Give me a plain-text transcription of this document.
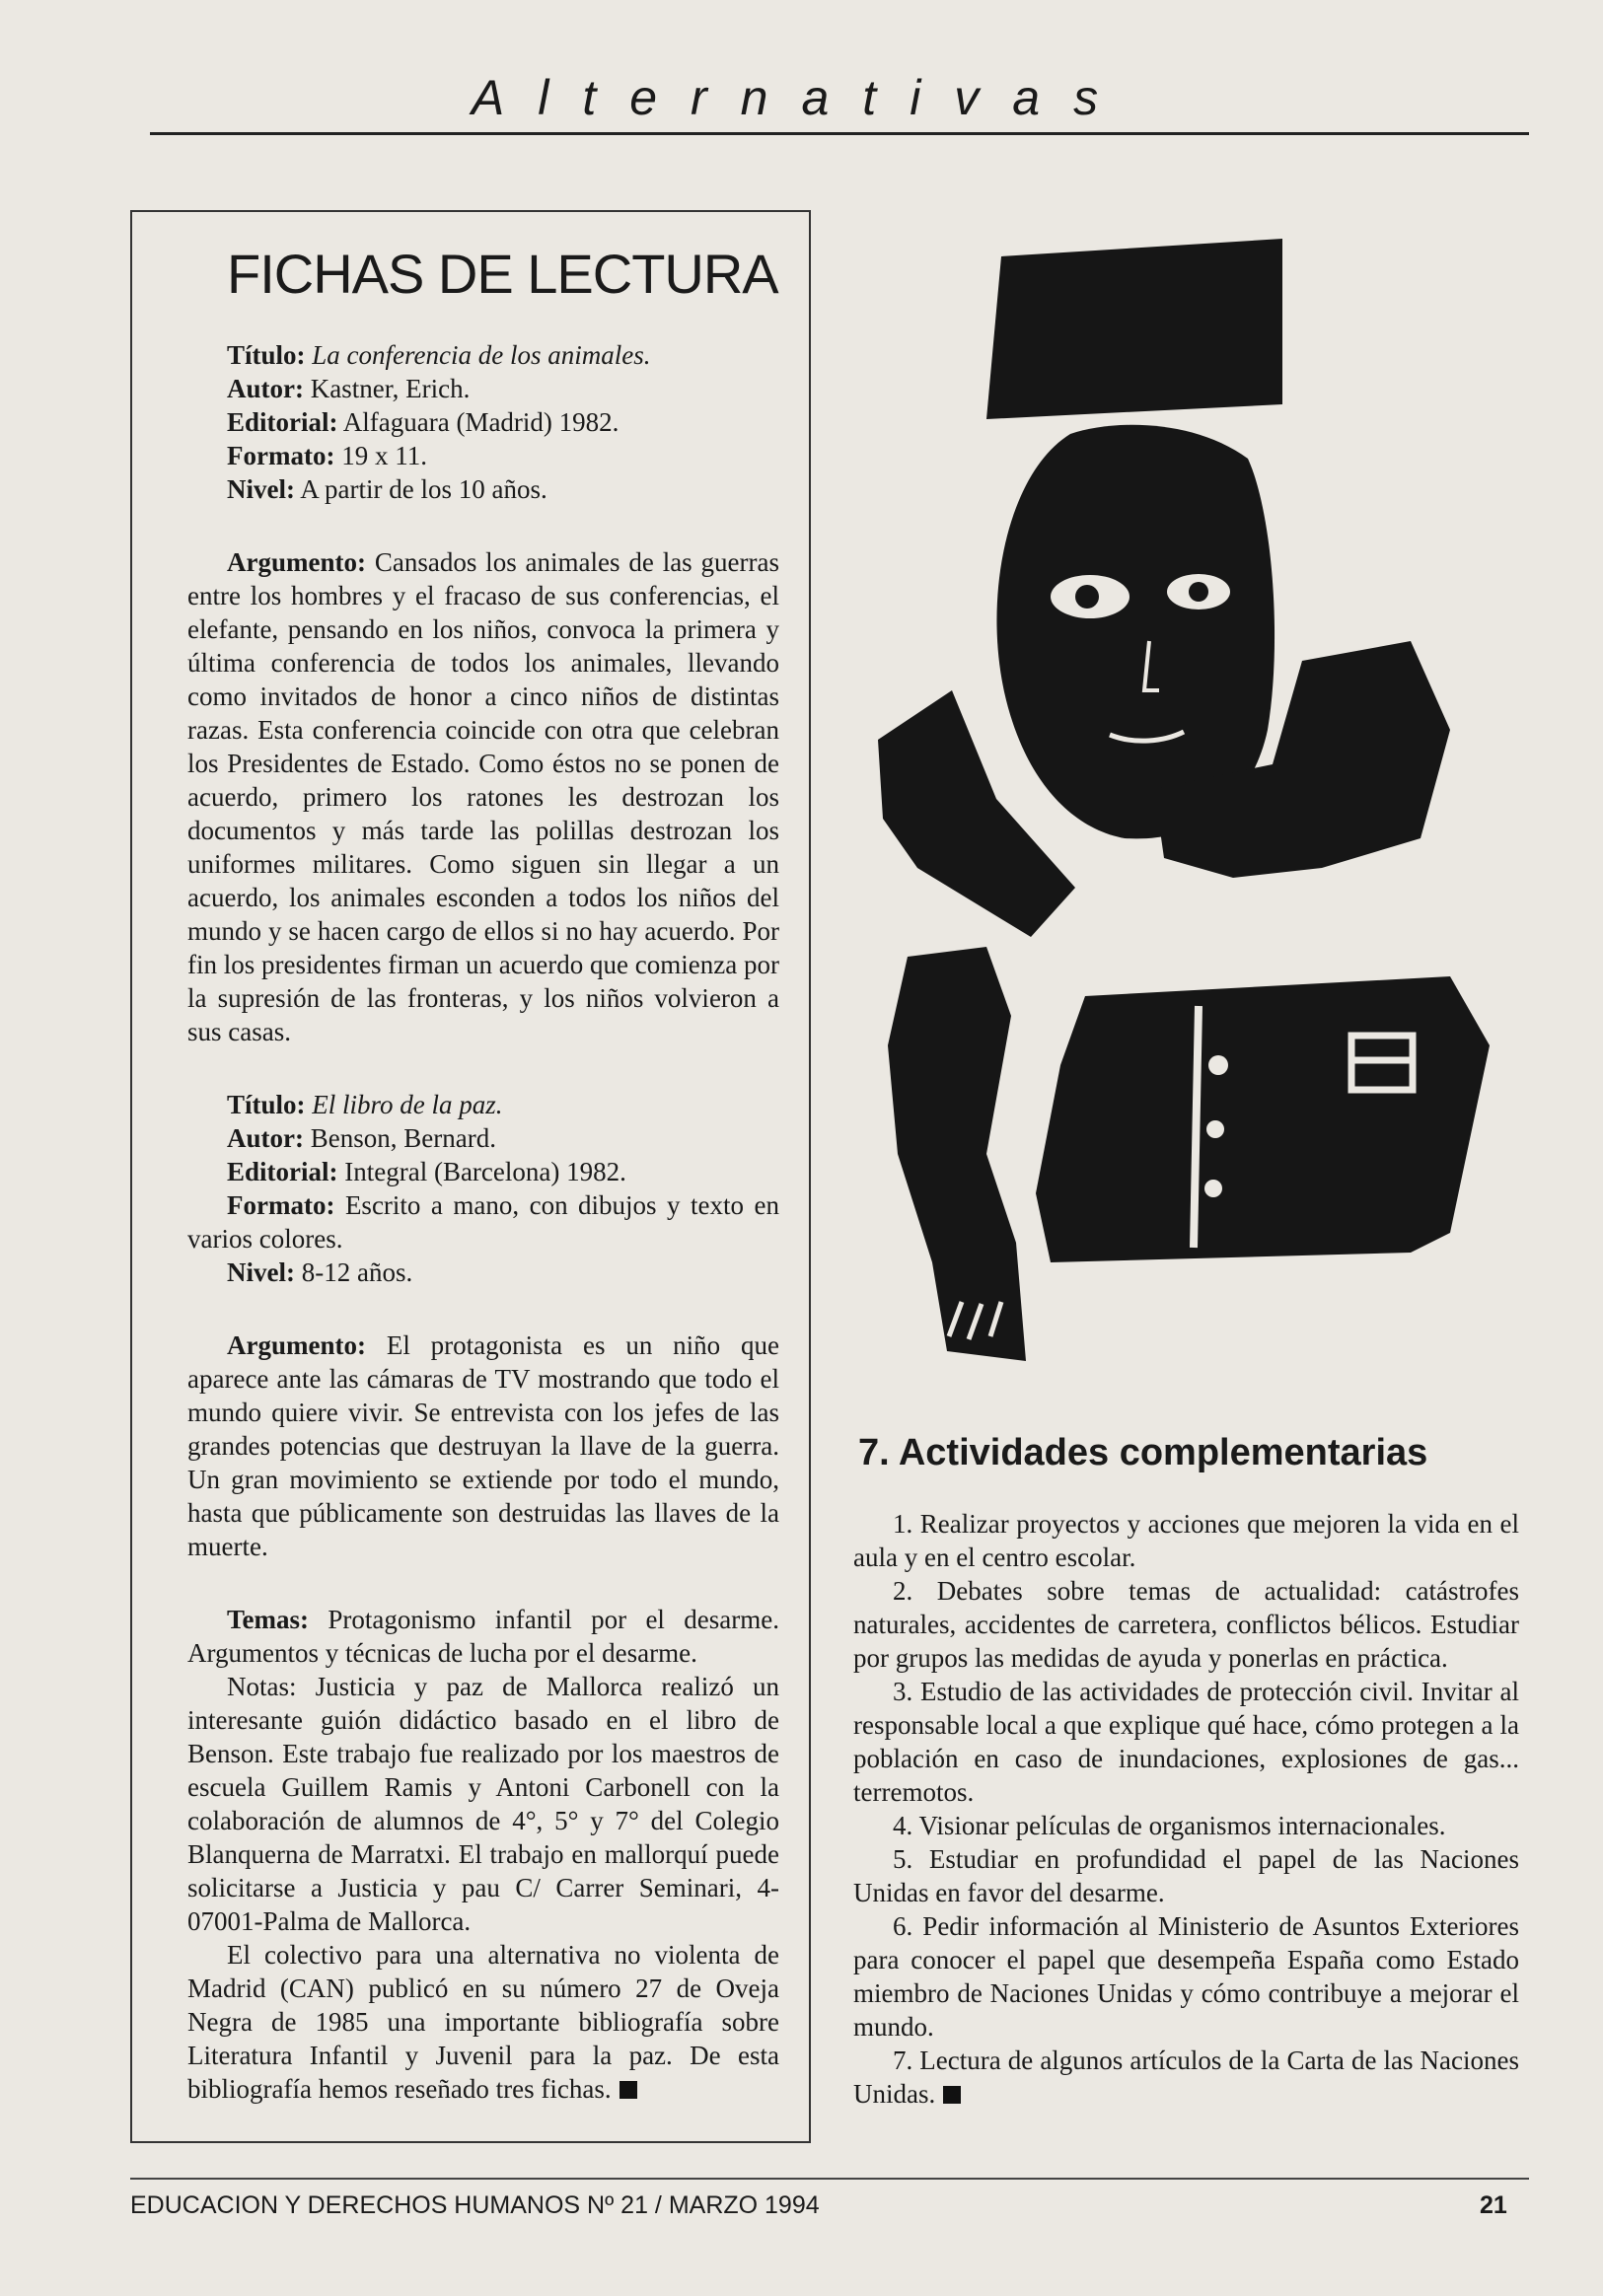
Alternativas
FICHAS DE LECTURA
Título: La conferencia de los animales.
Autor: Kastner, Erich.
Editorial: Alfaguara (Madrid) 1982.
Formato: 19 x 11.
Nivel: A partir de los 10 años.

Argumento: Cansados los animales de las guerras entre los hombres y el fracaso de sus conferencias, el elefante, pensando en los niños, convoca la primera y última conferencia de todos los animales, llevando como invitados de honor a cinco niños de distintas razas. Esta conferencia coincide con otra que celebran los Presidentes de Estado. Como éstos no se ponen de acuerdo, primero los ratones les destrozan los documentos y más tarde las polillas destrozan los uniformes militares. Como siguen sin llegar a un acuerdo, los animales esconden a todos los niños del mundo y se hacen cargo de ellos si no hay acuerdo. Por fin los presidentes firman un acuerdo que comienza por la supresión de las fronteras, y los niños volvieron a sus casas.

Título: El libro de la paz.
Autor: Benson, Bernard.
Editorial: Integral (Barcelona) 1982.

Formato: Escrito a mano, con dibujos y texto en varios colores.

Nivel: 8-12 años.

Argumento: El protagonista es un niño que aparece ante las cámaras de TV mostrando que todo el mundo quiere vivir. Se entrevista con los jefes de las grandes potencias que destruyan la llave de la guerra. Un gran movimiento se extiende por todo el mundo, hasta que públicamente son destruidas las llaves de la muerte.

Temas: Protagonismo infantil por el desarme. Argumentos y técnicas de lucha por el desarme.

Notas: Justicia y paz de Mallorca realizó un interesante guión didáctico basado en el libro de Benson. Este trabajo fue realizado por los maestros de escuela Guillem Ramis y Antoni Carbonell con la colaboración de alumnos de 4°, 5° y 7° del Colegio Blanquerna de Marratxi. El trabajo en mallorquí puede solicitarse a Justicia y pau C/ Carrer Seminari, 4-07001-Palma de Mallorca.

El colectivo para una alternativa no violenta de Madrid (CAN) publicó en su número 27 de Oveja Negra de 1985 una importante bibliografía sobre Literatura Infantil y Juvenil para la paz. De esta bibliografía hemos reseñado tres fichas.

7. Actividades complementarias

1. Realizar proyectos y acciones que mejoren la vida en el aula y en el centro escolar.

2. Debates sobre temas de actualidad: catástrofes naturales, accidentes de carretera, conflictos bélicos. Estudiar por grupos las medidas de ayuda y ponerlas en práctica.

3. Estudio de las actividades de protección civil. Invitar al responsable local a que explique qué hace, cómo protegen a la población en caso de inundaciones, explosiones de gas... terremotos.

4. Visionar películas de organismos internacionales.

5. Estudiar en profundidad el papel de las Naciones Unidas en favor del desarme.

6. Pedir información al Ministerio de Asuntos Exteriores para conocer el papel que desempeña España como Estado miembro de Naciones Unidas y cómo contribuye a mejorar el mundo.

7. Lectura de algunos artículos de la Carta de las Naciones Unidas.

EDUCACION Y DERECHOS HUMANOS Nº 21 / MARZO 1994	21
